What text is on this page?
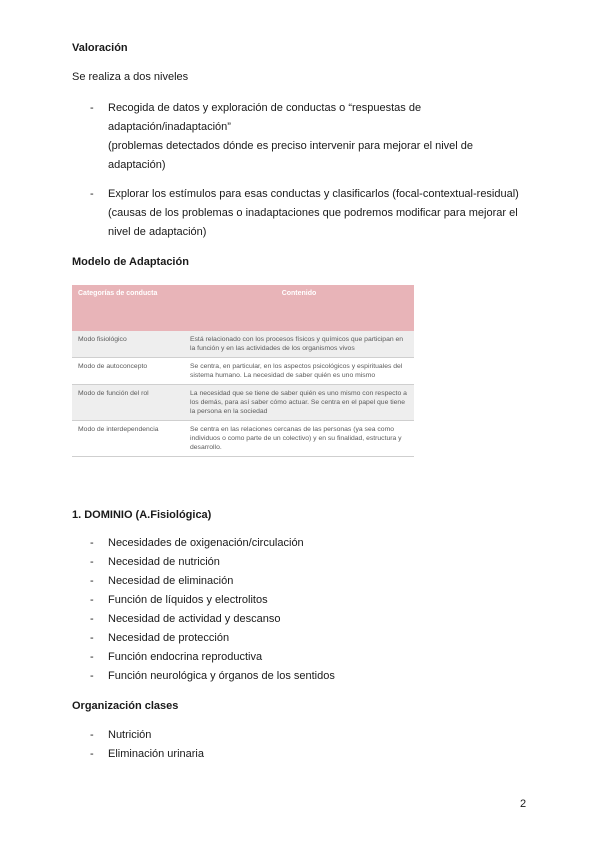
Valoración

Se realiza a dos niveles

- Recogida de datos y exploración de conductas o “respuestas de
adaptación/inadaptación”
(problemas detectados dónde es preciso intervenir para mejorar el nivel de
adaptación)
- Explorar los estímulos para esas conductas y clasificarlos (focal-contextual-residual)
(causas de los problemas o inadaptaciones que podremos modificar para mejorar el
nivel de adaptación)

Modelo de Adaptación

Categorías de conducta	Contenido
Modo fisiológico	Está relacionado con los procesos físicos y químicos que participan en la función y en las actividades de los organismos vivos
Modo de autoconcepto	Se centra, en particular, en los aspectos psicológicos y espirituales del sistema humano. La necesidad de saber quién es uno mismo
Modo de función del rol	La necesidad que se tiene de saber quién es uno mismo con respecto a los demás, para así saber cómo actuar. Se centra en el papel que tiene la persona en la sociedad
Modo de interdependencia	Se centra en las relaciones cercanas de las personas (ya sea como individuos o como parte de un colectivo) y en su finalidad, estructura y desarrollo.

1. DOMINIO (A.Fisiológica)

- Necesidades de oxigenación/circulación
- Necesidad de nutrición
- Necesidad de eliminación
- Función de líquidos y electrolitos
- Necesidad de actividad y descanso
- Necesidad de protección
- Función endocrina reproductiva
- Función neurológica y órganos de los sentidos

Organización clases

- Nutrición
- Eliminación urinaria
2
